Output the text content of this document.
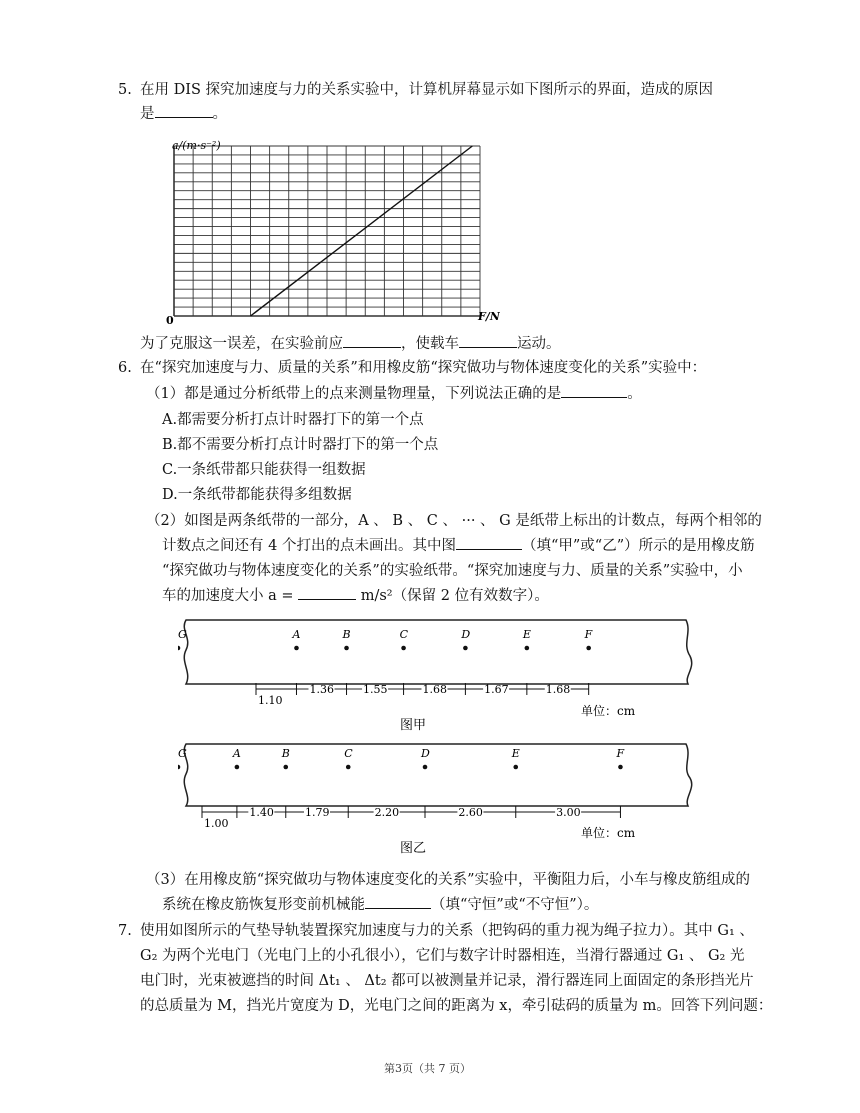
5. 在用 DIS 探究加速度与力的关系实验中，计算机屏幕显示如下图所示的界面，造成的原因
是	。
a/(m·s⁻²)
F/N
0
为了克服这一误差，在实验前应	，使载车	运动。
6. 在“探究加速度与力、质量的关系”和用橡皮筋“探究做功与物体速度变化的关系”实验中：
（1）都是通过分析纸带上的点来测量物理量，下列说法正确的是	。
A.都需要分析打点计时器打下的第一个点
B.都不需要分析打点计时器打下的第一个点
C.一条纸带都只能获得一组数据
D.一条纸带都能获得多组数据
（2）如图是两条纸带的一部分，A 、 B 、 C 、 ··· 、 G 是纸带上标出的计数点，每两个相邻的
计数点之间还有 4 个打出的点未画出。其中图	（填“甲”或“乙”）所示的是用橡皮筋
“探究做功与物体速度变化的关系”的实验纸带。“探究加速度与力、质量的关系”实验中，小
车的加速度大小 a =	m/s²（保留 2 位有效数字）。
A	B	C	D	E	F
G
1.10
1.36	1.55	1.68	1.67	1.68
单位：cm
图甲
A	B	C	D	E	F
G
1.00
1.40	1.79	2.20	2.60	3.00
单位：cm
图乙
（3）在用橡皮筋“探究做功与物体速度变化的关系”实验中，平衡阻力后，小车与橡皮筋组成的
系统在橡皮筋恢复形变前机械能	（填“守恒”或“不守恒”）。
7. 使用如图所示的气垫导轨装置探究加速度与力的关系（把钩码的重力视为绳子拉力）。其中 G₁ 、
G₂ 为两个光电门（光电门上的小孔很小），它们与数字计时器相连，当滑行器通过 G₁ 、 G₂ 光
电门时，光束被遮挡的时间 Δt₁ 、 Δt₂ 都可以被测量并记录，滑行器连同上面固定的条形挡光片
的总质量为 M，挡光片宽度为 D，光电门之间的距离为 x，牵引砝码的质量为 m。回答下列问题：
第3页（共 7 页）
